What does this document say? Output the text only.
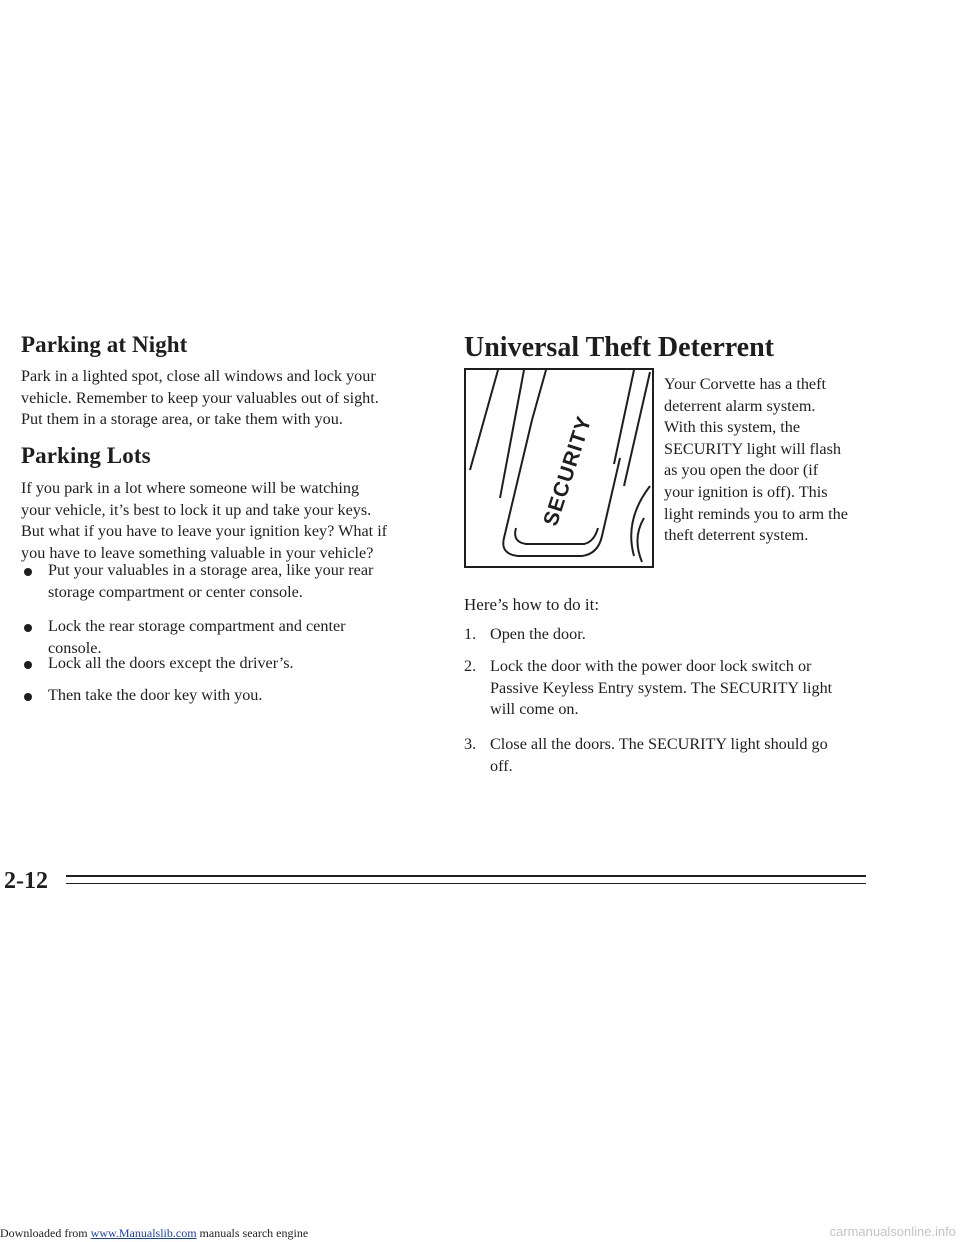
Parking at Night
Park in a lighted spot, close all windows and lock your
vehicle. Remember to keep your valuables out of sight.
Put them in a storage area, or take them with you.
Parking Lots
If you park in a lot where someone will be watching
your vehicle, it’s best to lock it up and take your keys.
But what if you have to leave your ignition key? What if
you have to leave something valuable in your vehicle?
Put your valuables in a storage area, like your rear
storage compartment or center console.
Lock the rear storage compartment and center
console.
Lock all the doors except the driver’s.
Then take the door key with you.
Universal Theft Deterrent
SECURITY
Your Corvette has a theft
deterrent alarm system.
With this system, the
SECURITY light will flash
as you open the door (if
your ignition is off). This
light reminds you to arm the
theft deterrent system.
Here’s how to do it:
1. Open the door.
2. Lock the door with the power door lock switch or
Passive Keyless Entry system. The SECURITY light
will come on.
3. Close all the doors. The SECURITY light should go
off.
2-12
Downloaded from www.Manualslib.com manuals search engine	carmanualsonline.info
